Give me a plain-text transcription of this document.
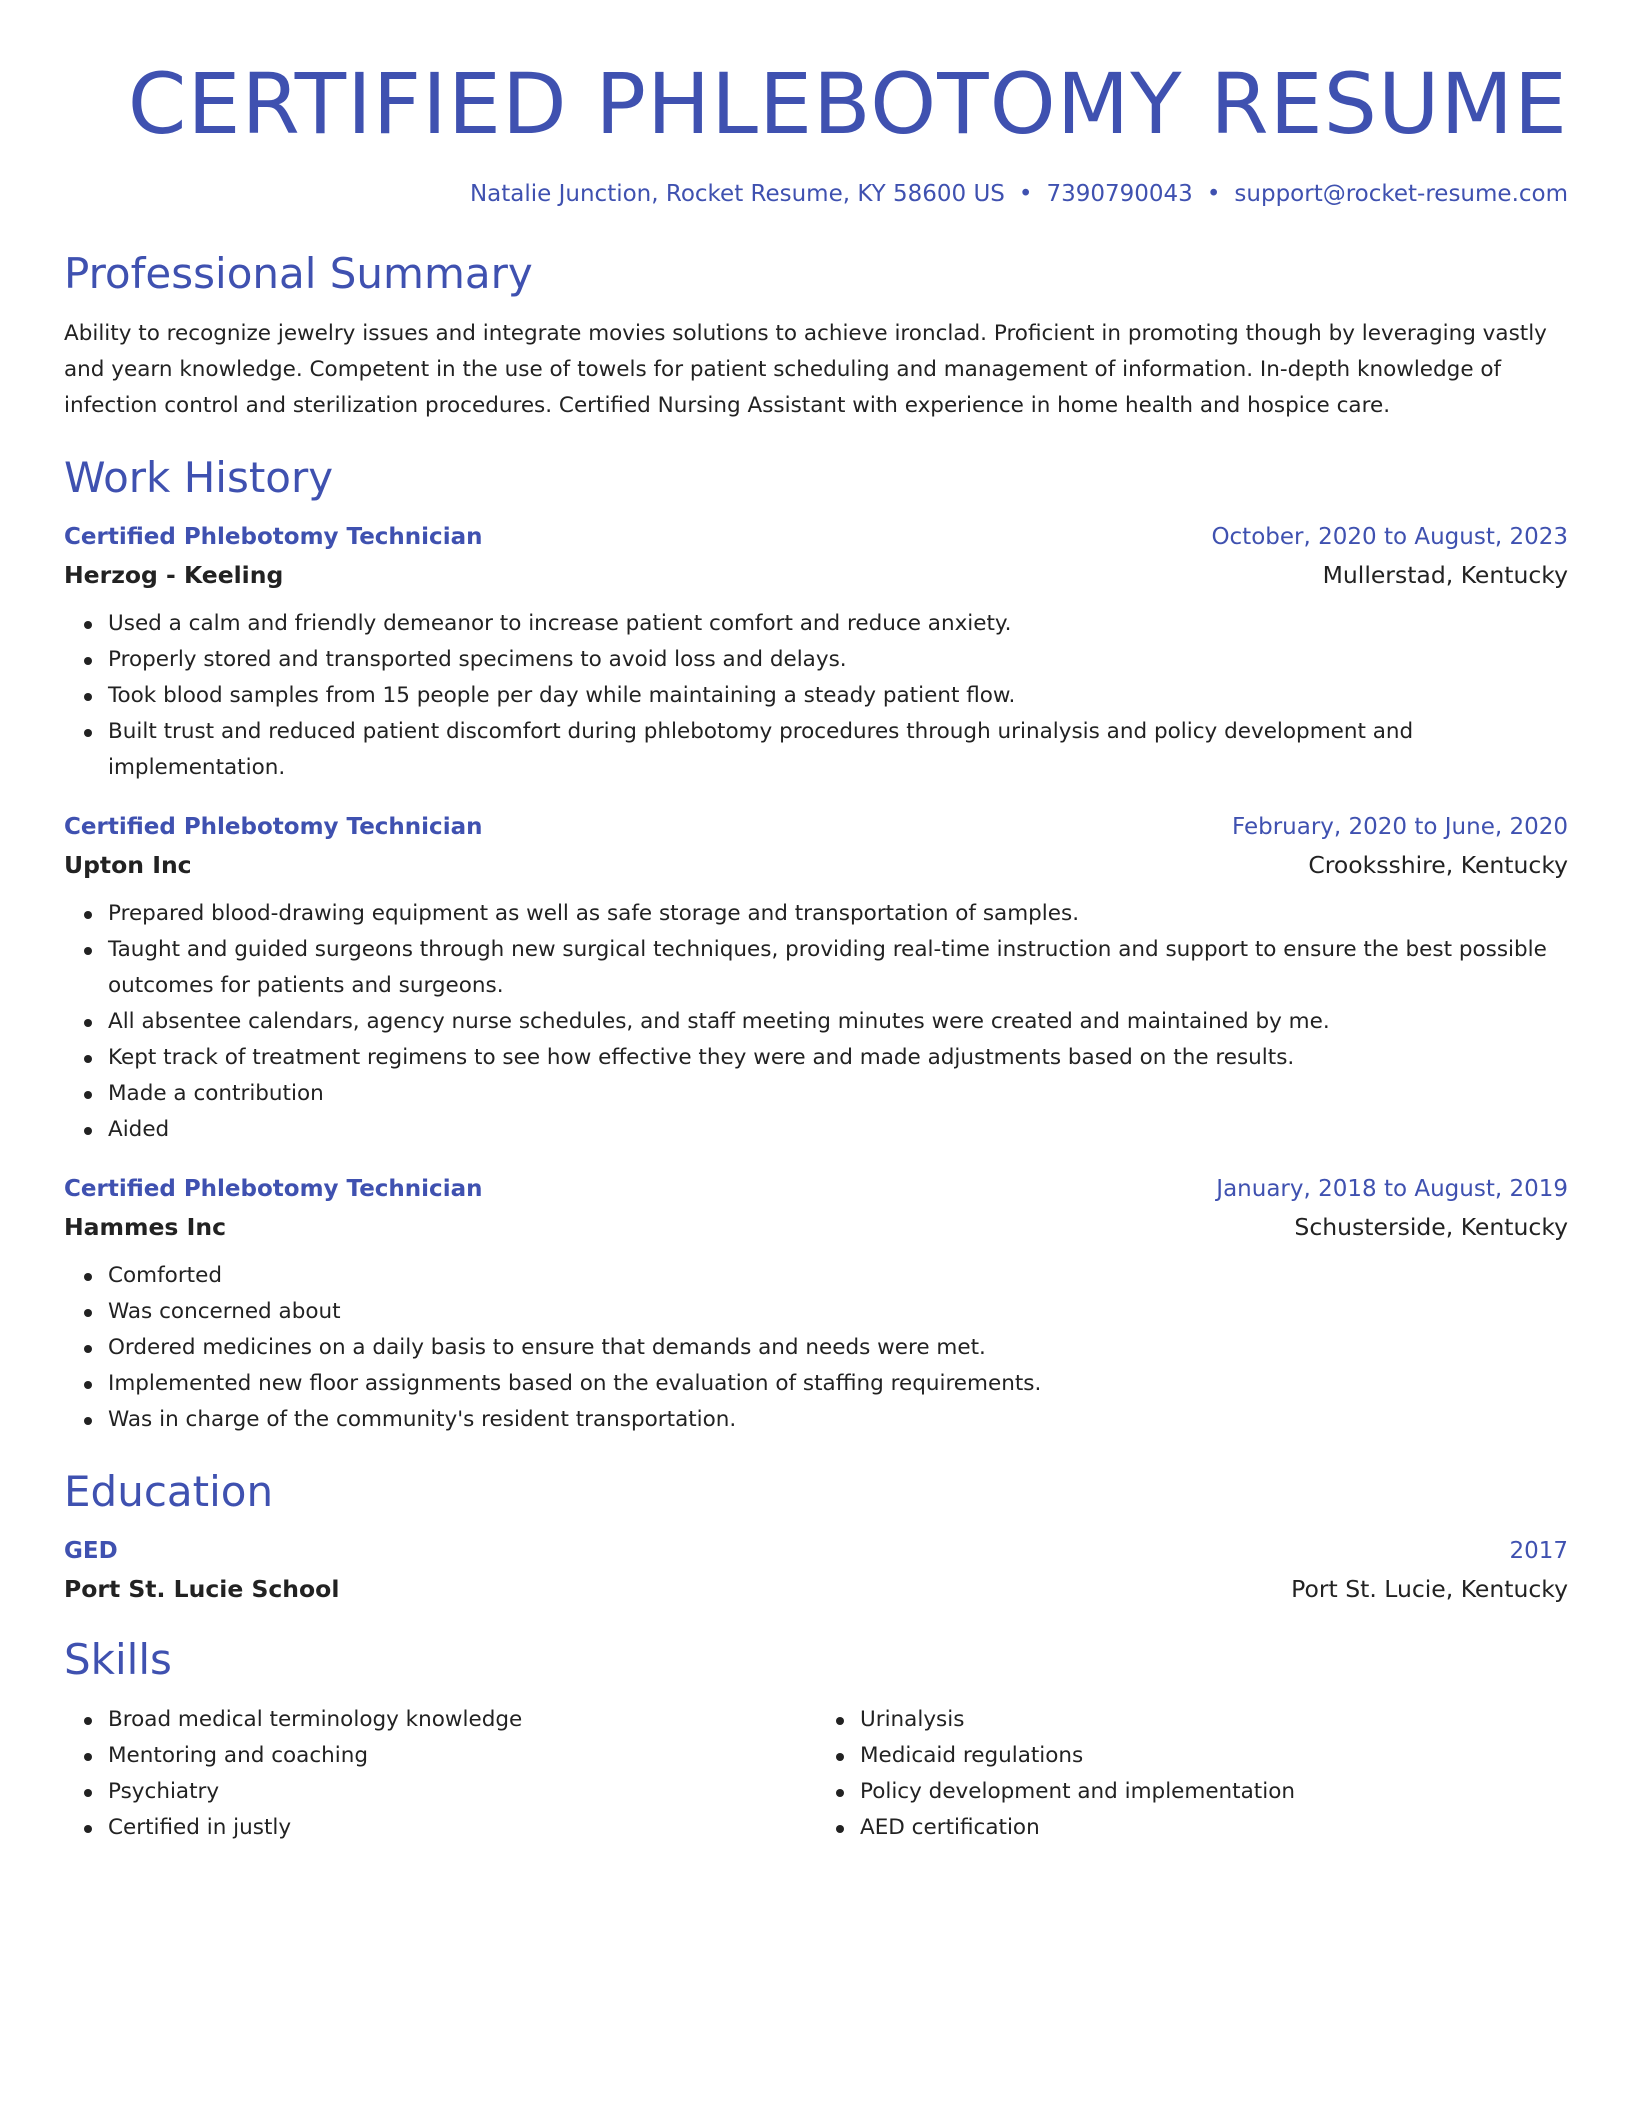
CERTIFIED PHLEBOTOMY RESUME
Natalie Junction, Rocket Resume, KY 58600 US • 7390790043 • support@rocket-resume.com
Professional Summary
Ability to recognize jewelry issues and integrate movies solutions to achieve ironclad. Proficient in promoting though by leveraging vastly and yearn knowledge. Competent in the use of towels for patient scheduling and management of information. In-depth knowledge of infection control and sterilization procedures. Certified Nursing Assistant with experience in home health and hospice care.
Work History
Certified Phlebotomy Technician	October, 2020 to August, 2023
Herzog - Keeling	Mullerstad, Kentucky
Used a calm and friendly demeanor to increase patient comfort and reduce anxiety.
Properly stored and transported specimens to avoid loss and delays.
Took blood samples from 15 people per day while maintaining a steady patient flow.
Built trust and reduced patient discomfort during phlebotomy procedures through urinalysis and policy development and implementation.
Certified Phlebotomy Technician	February, 2020 to June, 2020
Upton Inc	Crooksshire, Kentucky
Prepared blood-drawing equipment as well as safe storage and transportation of samples.
Taught and guided surgeons through new surgical techniques, providing real-time instruction and support to ensure the best possible outcomes for patients and surgeons.
All absentee calendars, agency nurse schedules, and staff meeting minutes were created and maintained by me.
Kept track of treatment regimens to see how effective they were and made adjustments based on the results.
Made a contribution
Aided
Certified Phlebotomy Technician	January, 2018 to August, 2019
Hammes Inc	Schusterside, Kentucky
Comforted
Was concerned about
Ordered medicines on a daily basis to ensure that demands and needs were met.
Implemented new floor assignments based on the evaluation of staffing requirements.
Was in charge of the community's resident transportation.
Education
GED	2017
Port St. Lucie School	Port St. Lucie, Kentucky
Skills
Broad medical terminology knowledge
Mentoring and coaching
Psychiatry
Certified in justly
Urinalysis
Medicaid regulations
Policy development and implementation
AED certification
